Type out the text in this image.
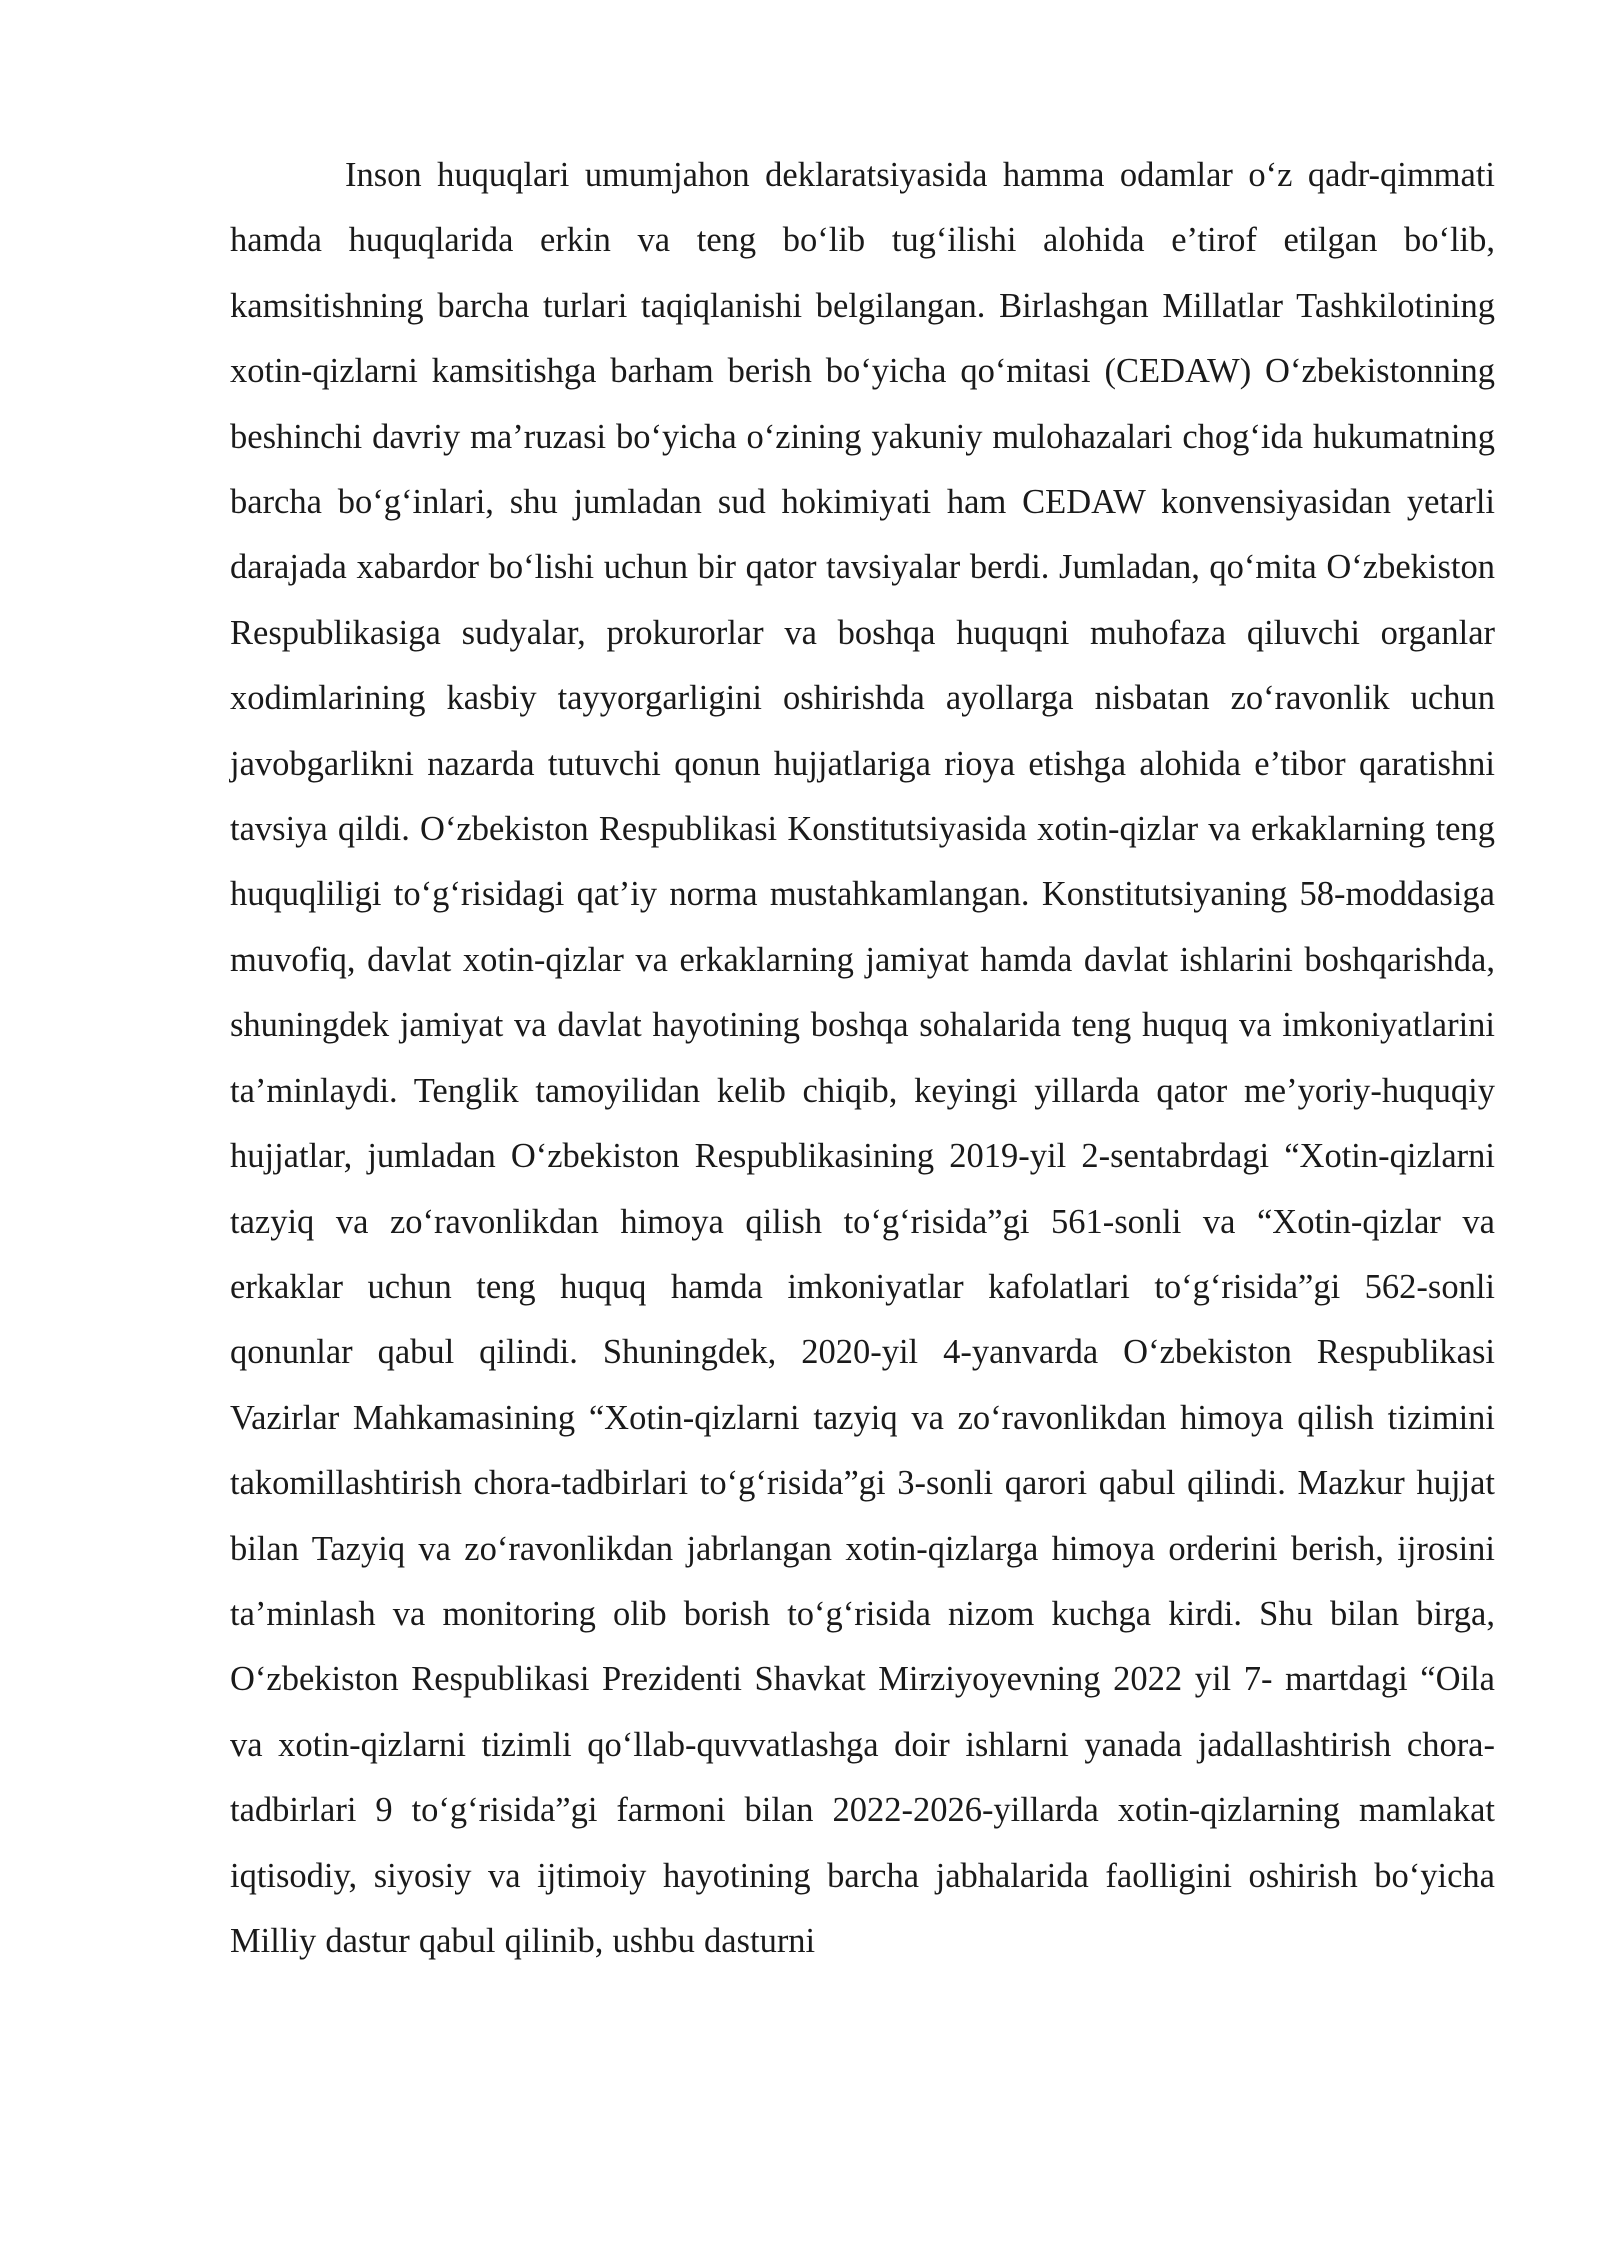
Inson huquqlari umumjahon deklaratsiyasida hamma odamlar o‘z qadr-qimmati hamda huquqlarida erkin va teng bo‘lib tug‘ilishi alohida e’tirof etilgan bo‘lib, kamsitishning barcha turlari taqiqlanishi belgilangan. Birlashgan Millatlar Tashkilotining xotin-qizlarni kamsitishga barham berish bo‘yicha qo‘mitasi (CEDAW) O‘zbekistonning beshinchi davriy ma’ruzasi bo‘yicha o‘zining yakuniy mulohazalari chog‘ida hukumatning barcha bo‘g‘inlari, shu jumladan sud hokimiyati ham CEDAW konvensiyasidan yetarli darajada xabardor bo‘lishi uchun bir qator tavsiyalar berdi. Jumladan, qo‘mita O‘zbekiston Respublikasiga sudyalar, prokurorlar va boshqa huquqni muhofaza qiluvchi organlar xodimlarining kasbiy tayyorgarligini oshirishda ayollarga nisbatan zo‘ravonlik uchun javobgarlikni nazarda tutuvchi qonun hujjatlariga rioya etishga alohida e’tibor qaratishni tavsiya qildi. O‘zbekiston Respublikasi Konstitutsiyasida xotin-qizlar va erkaklarning teng huquqliligi to‘g‘risidagi qat’iy norma mustahkamlangan. Konstitutsiyaning 58-moddasiga muvofiq, davlat xotin-qizlar va erkaklarning jamiyat hamda davlat ishlarini boshqarishda, shuningdek jamiyat va davlat hayotining boshqa sohalarida teng huquq va imkoniyatlarini ta’minlaydi. Tenglik tamoyilidan kelib chiqib, keyingi yillarda qator me’yoriy-huquqiy hujjatlar, jumladan O‘zbekiston Respublikasining 2019-yil 2-sentabrdagi “Xotin-qizlarni tazyiq va zo‘ravonlikdan himoya qilish to‘g‘risida”gi 561-sonli va “Xotin-qizlar va erkaklar uchun teng huquq hamda imkoniyatlar kafolatlari to‘g‘risida”gi 562-sonli qonunlar qabul qilindi. Shuningdek, 2020-yil 4-yanvarda O‘zbekiston Respublikasi Vazirlar Mahkamasining “Xotin-qizlarni tazyiq va zo‘ravonlikdan himoya qilish tizimini takomillashtirish chora-tadbirlari to‘g‘risida”gi 3-sonli qarori qabul qilindi. Mazkur hujjat bilan Tazyiq va zo‘ravonlikdan jabrlangan xotin-qizlarga himoya orderini berish, ijrosini ta’minlash va monitoring olib borish to‘g‘risida nizom kuchga kirdi. Shu bilan birga, O‘zbekiston Respublikasi Prezidenti Shavkat Mirziyoyevning 2022 yil 7- martdagi “Oila va xotin-qizlarni tizimli qo‘llab-quvvatlashga doir ishlarni yanada jadallashtirish chora-tadbirlari 9 to‘g‘risida”gi farmoni bilan 2022-2026-yillarda xotin-qizlarning mamlakat iqtisodiy, siyosiy va ijtimoiy hayotining barcha jabhalarida faolligini oshirish bo‘yicha Milliy dastur qabul qilinib, ushbu dasturni
